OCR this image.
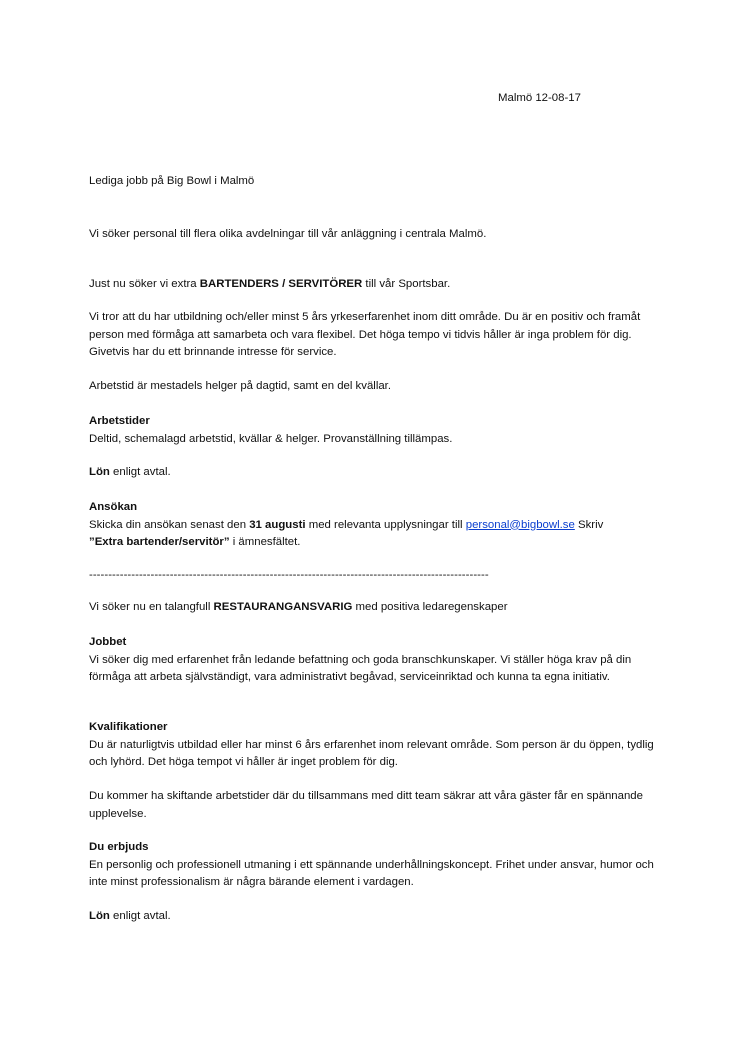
Malmö 12-08-17

Lediga jobb på Big Bowl i Malmö

Vi söker personal till flera olika avdelningar till vår anläggning i centrala Malmö.

Just nu söker vi extra BARTENDERS / SERVITÖRER till vår Sportsbar.

Vi tror att du har utbildning och/eller minst 5 års yrkeserfarenhet inom ditt område. Du är en positiv och framåt person med förmåga att samarbeta och vara flexibel. Det höga tempo vi tidvis håller är inga problem för dig. Givetvis har du ett brinnande intresse för service.

Arbetstid är mestadels helger på dagtid, samt en del kvällar.

Arbetstider
Deltid, schemalagd arbetstid, kvällar & helger. Provanställning tillämpas.

Lön enligt avtal.

Ansökan
Skicka din ansökan senast den 31 augusti med relevanta upplysningar till personal@bigbowl.se Skriv
”Extra bartender/servitör” i ämnesfältet.

--------------------------------------------------------------------------------------------------------

Vi söker nu en talangfull RESTAURANGANSVARIG med positiva ledaregenskaper

Jobbet
Vi söker dig med erfarenhet från ledande befattning och goda branschkunskaper. Vi ställer höga krav på din förmåga att arbeta självständigt, vara administrativt begåvad, serviceinriktad och kunna ta egna initiativ.

Kvalifikationer
Du är naturligtvis utbildad eller har minst 6 års erfarenhet inom relevant område. Som person är du öppen, tydlig och lyhörd. Det höga tempot vi håller är inget problem för dig.

Du kommer ha skiftande arbetstider där du tillsammans med ditt team säkrar att våra gäster får en spännande upplevelse.

Du erbjuds
En personlig och professionell utmaning i ett spännande underhållningskoncept. Frihet under ansvar, humor och inte minst professionalism är några bärande element i vardagen.

Lön enligt avtal.
